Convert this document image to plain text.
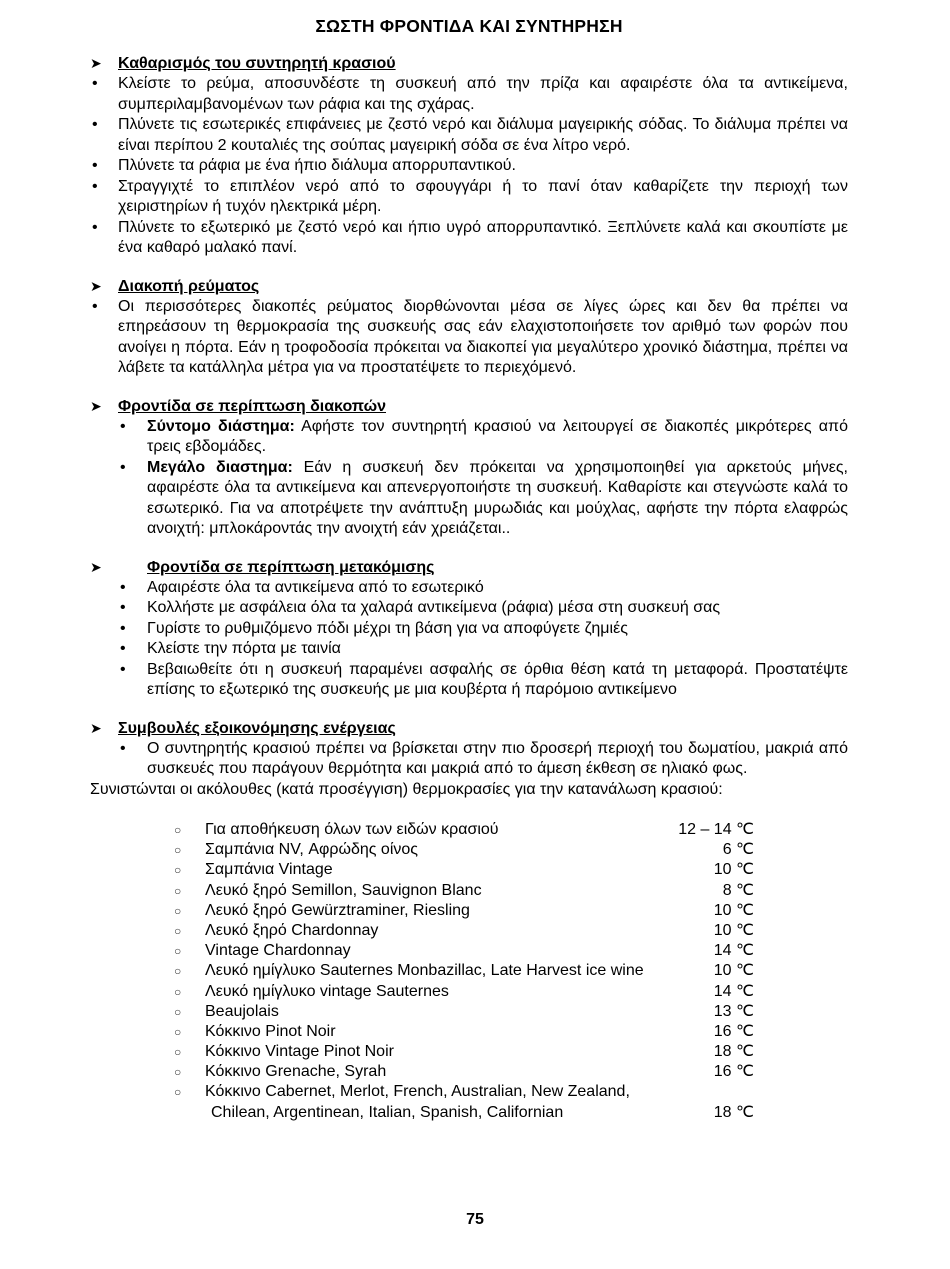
ΣΩΣΤΗ ΦΡΟΝΤΙΔΑ ΚΑΙ ΣΥΝΤΗΡΗΣΗ
➤ Καθαρισμός του συντηρητή κρασιού
• Κλείστε το ρεύμα, αποσυνδέστε τη συσκευή από την πρίζα και αφαιρέστε όλα τα αντικείμενα, συμπεριλαμβανομένων των ράφια και της σχάρας.
• Πλύνετε τις εσωτερικές επιφάνειες με ζεστό νερό και διάλυμα μαγειρικής σόδας. Το διάλυμα πρέπει να είναι περίπου 2 κουταλιές της σούπας μαγειρική σόδα σε ένα λίτρο νερό.
• Πλύνετε τα ράφια με ένα ήπιο διάλυμα απορρυπαντικού.
• Στραγγιχτέ το επιπλέον νερό από το σφουγγάρι ή το πανί όταν καθαρίζετε την περιοχή των χειριστηρίων ή τυχόν ηλεκτρικά μέρη.
• Πλύνετε το εξωτερικό με ζεστό νερό και ήπιο υγρό απορρυπαντικό. Ξεπλύνετε καλά και σκουπίστε με ένα καθαρό μαλακό πανί.
➤ Διακοπή ρεύματος
• Οι περισσότερες διακοπές ρεύματος διορθώνονται μέσα σε λίγες ώρες και δεν θα πρέπει να επηρεάσουν τη θερμοκρασία της συσκευής σας εάν ελαχιστοποιήσετε τον αριθμό των φορών που ανοίγει η πόρτα. Εάν η τροφοδοσία πρόκειται να διακοπεί για μεγαλύτερο χρονικό διάστημα, πρέπει να λάβετε τα κατάλληλα μέτρα για να προστατέψετε το περιεχόμενό.
➤ Φροντίδα σε περίπτωση διακοπών
• Σύντομο διάστημα: Αφήστε τον συντηρητή κρασιού να λειτουργεί σε διακοπές μικρότερες από τρεις εβδομάδες.
• Μεγάλο διαστημα: Εάν η συσκευή δεν πρόκειται να χρησιμοποιηθεί για αρκετούς μήνες, αφαιρέστε όλα τα αντικείμενα και απενεργοποιήστε τη συσκευή. Καθαρίστε και στεγνώστε καλά το εσωτερικό. Για να αποτρέψετε την ανάπτυξη μυρωδιάς και μούχλας, αφήστε την πόρτα ελαφρώς ανοιχτή: μπλοκάροντάς την ανοιχτή εάν χρειάζεται..
➤	Φροντίδα σε περίπτωση μετακόμισης
• Αφαιρέστε όλα τα αντικείμενα από το εσωτερικό
• Κολλήστε με ασφάλεια όλα τα χαλαρά αντικείμενα (ράφια) μέσα στη συσκευή σας
• Γυρίστε το ρυθμιζόμενο πόδι μέχρι τη βάση για να αποφύγετε ζημιές
• Κλείστε την πόρτα με ταινία
• Βεβαιωθείτε ότι η συσκευή παραμένει ασφαλής σε όρθια θέση κατά τη μεταφορά. Προστατέψτε επίσης το εξωτερικό της συσκευής με μια κουβέρτα ή παρόμοιο αντικείμενο
➤ Συμβουλές εξοικονόμησης ενέργειας
• Ο συντηρητής κρασιού πρέπει να βρίσκεται στην πιο δροσερή περιοχή του δωματίου, μακριά από συσκευές που παράγουν θερμότητα και μακριά από το άμεση έκθεση σε ηλιακό φως.
Συνιστώνται οι ακόλουθες (κατά προσέγγιση) θερμοκρασίες για την κατανάλωση κρασιού:
○ Για αποθήκευση όλων των ειδών κρασιού	12 – 14 ℃
○ Σαμπάνια NV, Αφρώδης οίνος	6 ℃
○ Σαμπάνια Vintage	10 ℃
○ Λευκό ξηρό Semillon, Sauvignon Blanc	8 ℃
○ Λευκό ξηρό Gewürztraminer, Riesling	10 ℃
○ Λευκό ξηρό Chardonnay	10 ℃
○ Vintage Chardonnay	14 ℃
○ Λευκό ημίγλυκο Sauternes Monbazillac, Late Harvest ice wine	10 ℃
○ Λευκό ημίγλυκο vintage Sauternes	14 ℃
○ Beaujolais	13 ℃
○ Κόκκινο Pinot Noir	16 ℃
○ Κόκκινο Vintage Pinot Noir	18 ℃
○ Κόκκινο Grenache, Syrah	16 ℃
○ Κόκκινο Cabernet, Merlot, French, Australian, New Zealand,
Chilean, Argentinean, Italian, Spanish, Californian	18 ℃
75
